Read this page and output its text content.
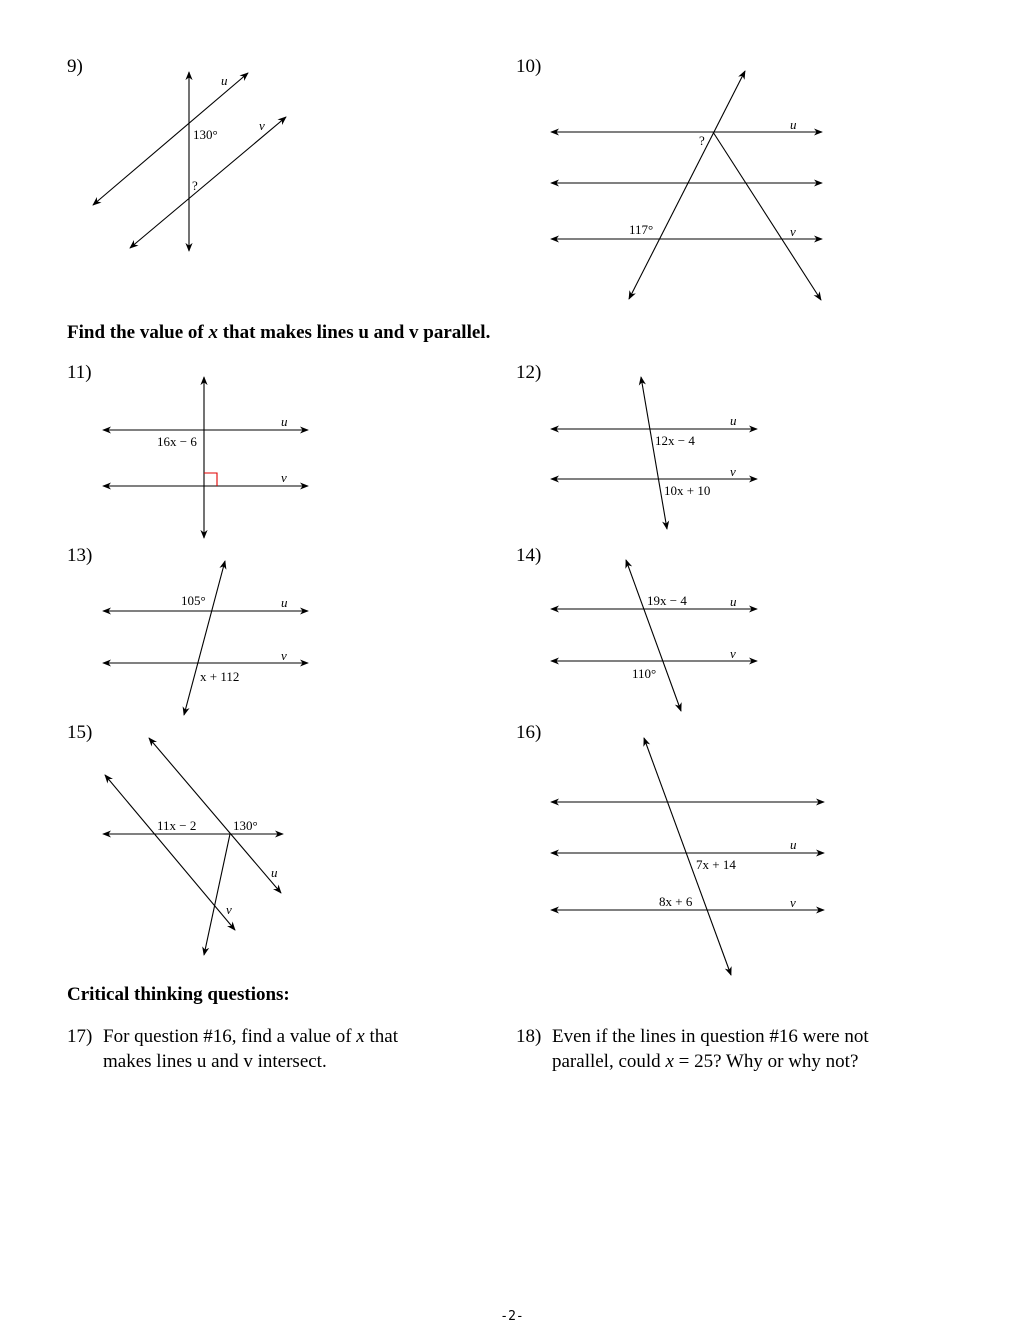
9)	10)
11)	12)
13)	14)
15)	16)
Find the value of x that makes lines u and v parallel.
Critical thinking questions:
17) For question #16, find a value of x that
makes lines u and v intersect.
18) Even if the lines in question #16 were not
parallel, could x = 25? Why or why not?
-2-
u
v
130°
?
?
u
117°	v
u
v
16x − 6
u
v
12x − 4
10x + 10
105°	u
v
x + 112
19x − 4	u
v
110°
11x − 2	130°
u
v
u
7x + 14
8x + 6	v
